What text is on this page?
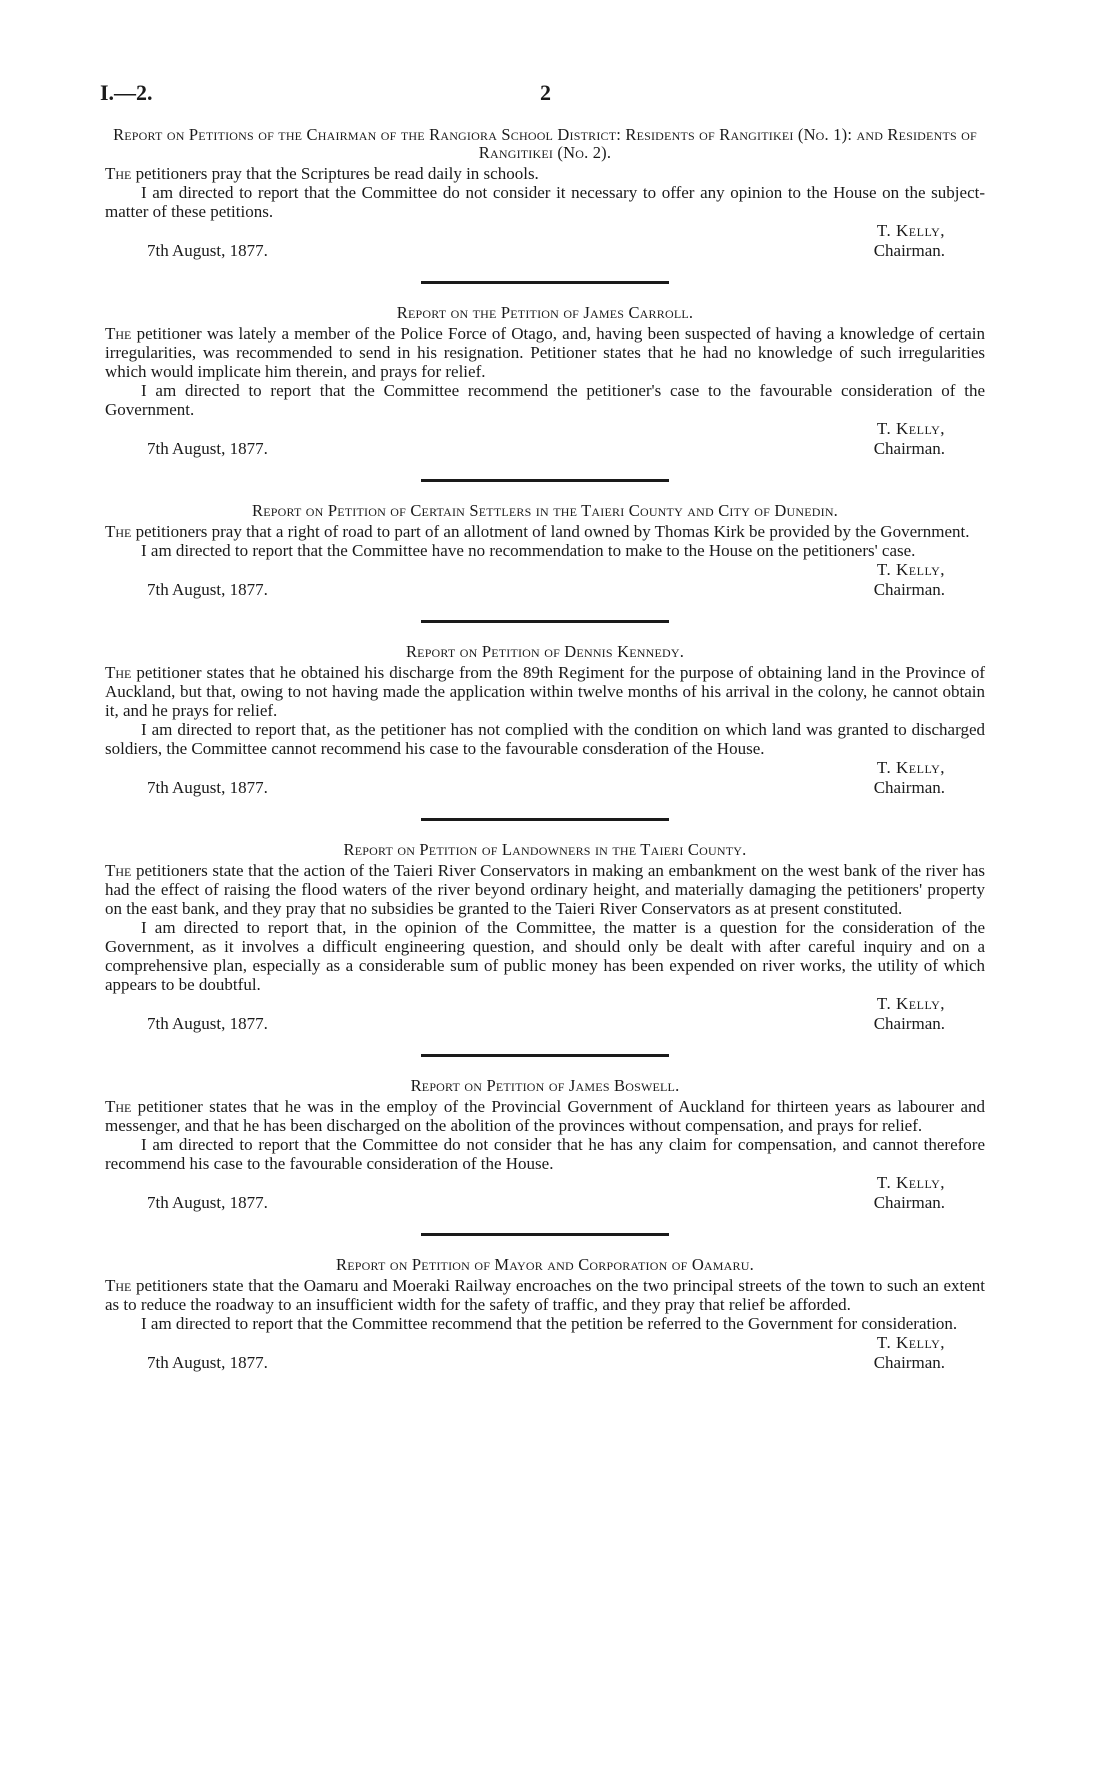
I.—2.	2
Report on Petitions of the Chairman of the Rangiora School District: Residents of Rangitikei (No. 1): and Residents of Rangitikei (No. 2).

The petitioners pray that the Scriptures be read daily in schools.

I am directed to report that the Committee do not consider it necessary to offer any opinion to the House on the subject-matter of these petitions.

7th August, 1877.
T. Kelly,
Chairman.
Report on the Petition of James Carroll.

The petitioner was lately a member of the Police Force of Otago, and, having been suspected of having a knowledge of certain irregularities, was recommended to send in his resignation. Petitioner states that he had no knowledge of such irregularities which would implicate him therein, and prays for relief.

I am directed to report that the Committee recommend the petitioner's case to the favourable consideration of the Government.

7th August, 1877.
T. Kelly,
Chairman.
Report on Petition of Certain Settlers in the Taieri County and City of Dunedin.

The petitioners pray that a right of road to part of an allotment of land owned by Thomas Kirk be provided by the Government.

I am directed to report that the Committee have no recommendation to make to the House on the petitioners' case.

7th August, 1877.
T. Kelly,
Chairman.
Report on Petition of Dennis Kennedy.

The petitioner states that he obtained his discharge from the 89th Regiment for the purpose of obtaining land in the Province of Auckland, but that, owing to not having made the application within twelve months of his arrival in the colony, he cannot obtain it, and he prays for relief.

I am directed to report that, as the petitioner has not complied with the condition on which land was granted to discharged soldiers, the Committee cannot recommend his case to the favourable consderation of the House.

7th August, 1877.
T. Kelly,
Chairman.
Report on Petition of Landowners in the Taieri County.

The petitioners state that the action of the Taieri River Conservators in making an embankment on the west bank of the river has had the effect of raising the flood waters of the river beyond ordinary height, and materially damaging the petitioners' property on the east bank, and they pray that no subsidies be granted to the Taieri River Conservators as at present constituted.

I am directed to report that, in the opinion of the Committee, the matter is a question for the consideration of the Government, as it involves a difficult engineering question, and should only be dealt with after careful inquiry and on a comprehensive plan, especially as a considerable sum of public money has been expended on river works, the utility of which appears to be doubtful.

7th August, 1877.
T. Kelly,
Chairman.
Report on Petition of James Boswell.

The petitioner states that he was in the employ of the Provincial Government of Auckland for thirteen years as labourer and messenger, and that he has been discharged on the abolition of the provinces without compensation, and prays for relief.

I am directed to report that the Committee do not consider that he has any claim for compensation, and cannot therefore recommend his case to the favourable consideration of the House.

7th August, 1877.
T. Kelly,
Chairman.
Report on Petition of Mayor and Corporation of Oamaru.

The petitioners state that the Oamaru and Moeraki Railway encroaches on the two principal streets of the town to such an extent as to reduce the roadway to an insufficient width for the safety of traffic, and they pray that relief be afforded.

I am directed to report that the Committee recommend that the petition be referred to the Government for consideration.

7th August, 1877.
T. Kelly,
Chairman.
